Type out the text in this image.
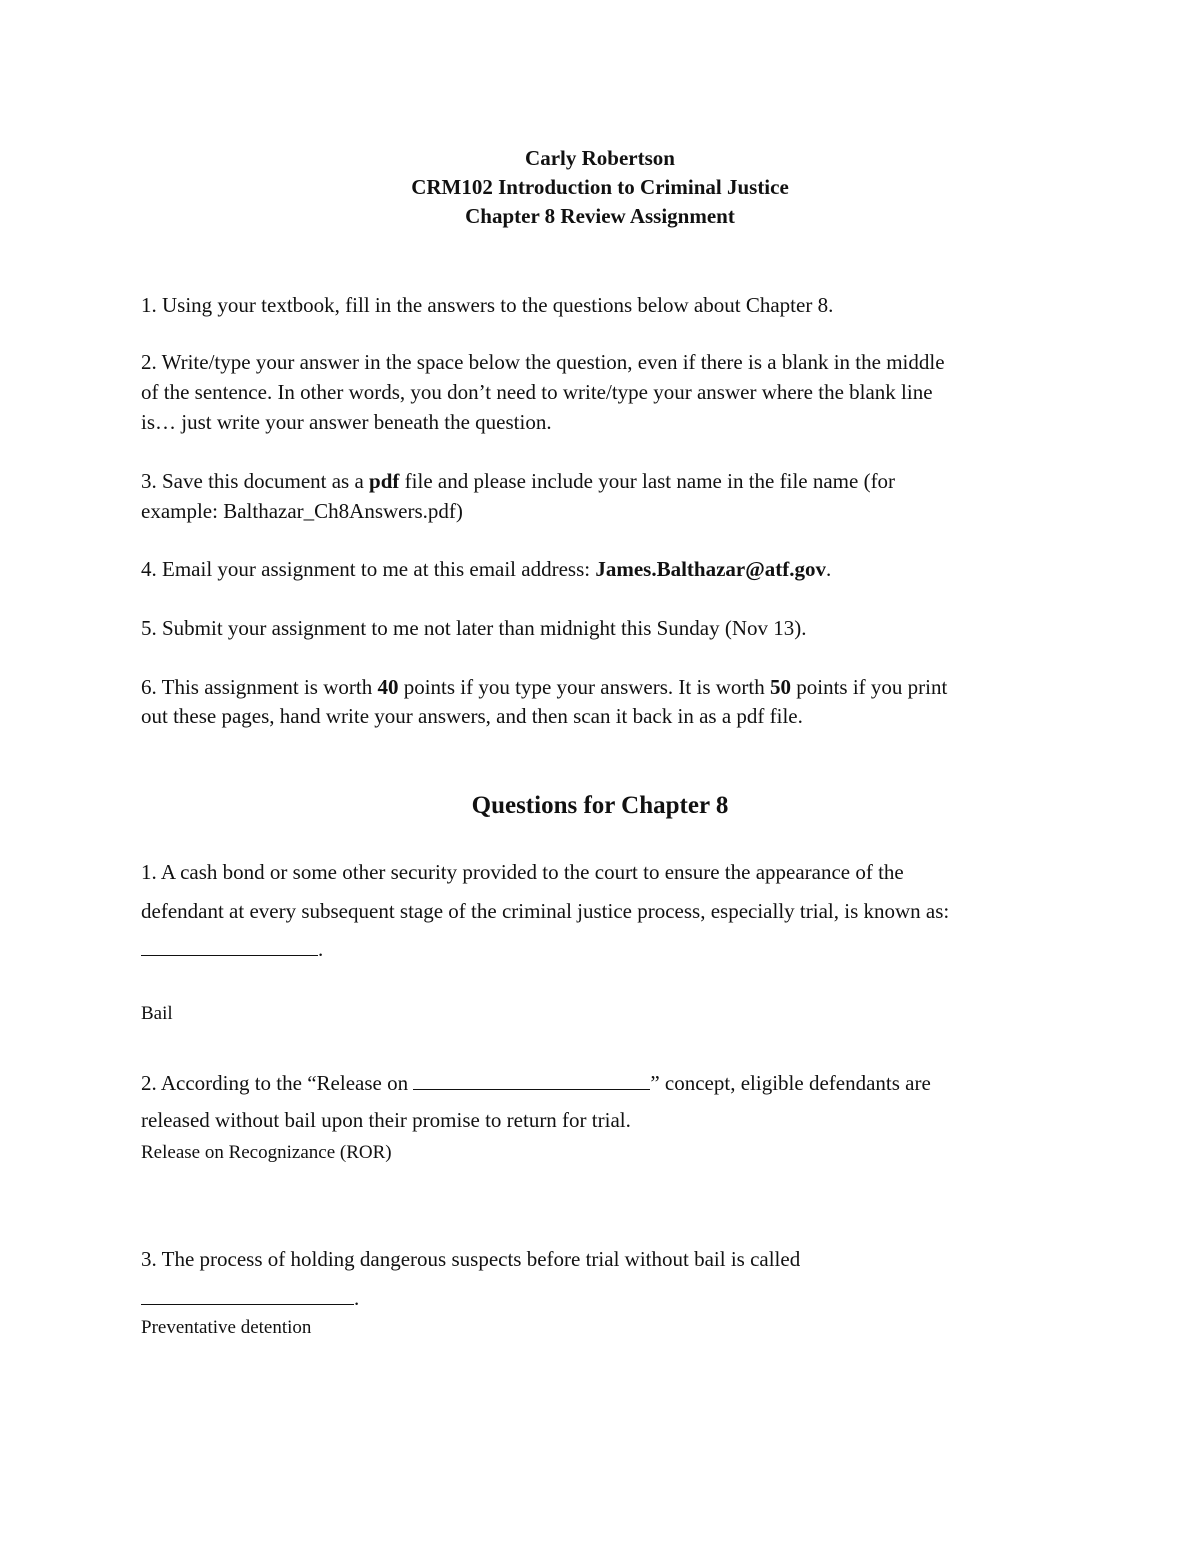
Carly Robertson
CRM102 Introduction to Criminal Justice
Chapter 8 Review Assignment
1. Using your textbook, fill in the answers to the questions below about Chapter 8.
2. Write/type your answer in the space below the question, even if there is a blank in the middle
of the sentence. In other words, you don’t need to write/type your answer where the blank line
is… just write your answer beneath the question.
3. Save this document as a pdf file and please include your last name in the file name (for
example: Balthazar_Ch8Answers.pdf)
4. Email your assignment to me at this email address: James.Balthazar@atf.gov.
5. Submit your assignment to me not later than midnight this Sunday (Nov 13).
6. This assignment is worth 40 points if you type your answers. It is worth 50 points if you print
out these pages, hand write your answers, and then scan it back in as a pdf file.
Questions for Chapter 8
1. A cash bond or some other security provided to the court to ensure the appearance of the
defendant at every subsequent stage of the criminal justice process, especially trial, is known as:
.
Bail
2. According to the “Release on	” concept, eligible defendants are
released without bail upon their promise to return for trial.
Release on Recognizance (ROR)
3. The process of holding dangerous suspects before trial without bail is called
.
Preventative detention
